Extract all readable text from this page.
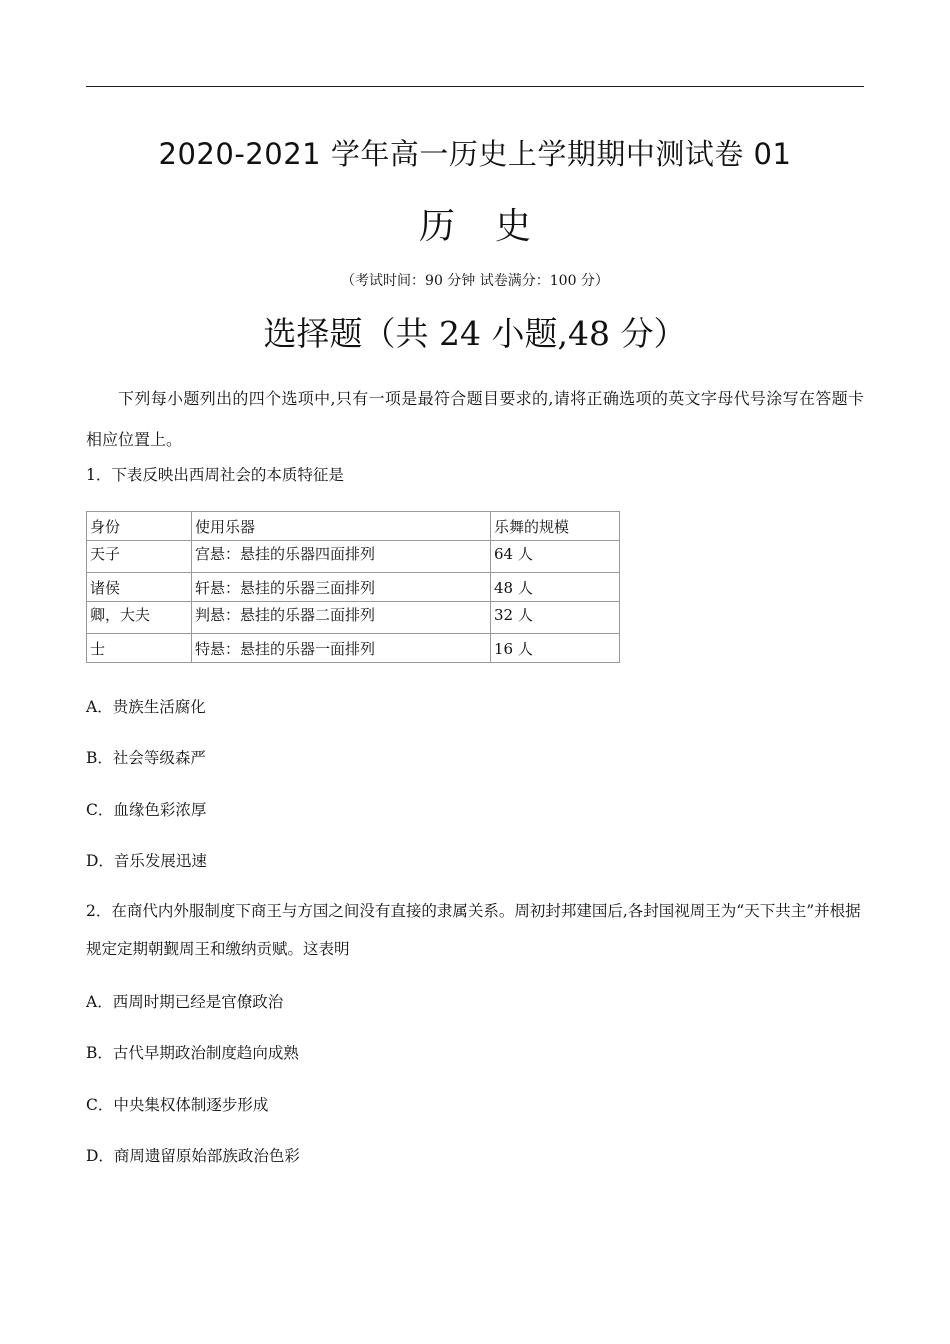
2020-2021 学年高一历史上学期期中测试卷 01
历 史
（考试时间：90 分钟 试卷满分：100 分）
选择题（共 24 小题,48 分）
下列每小题列出的四个选项中,只有一项是最符合题目要求的,请将正确选项的英文字母代号涂写在答题卡相应位置上。
1．下表反映出西周社会的本质特征是
身份	使用乐器	乐舞的规模
天子	宫悬：悬挂的乐器四面排列	64 人
诸侯	轩悬：悬挂的乐器三面排列	48 人
卿，大夫	判悬：悬挂的乐器二面排列	32 人
士	特悬：悬挂的乐器一面排列	16 人
A．贵族生活腐化
B．社会等级森严
C．血缘色彩浓厚
D．音乐发展迅速
2．在商代内外服制度下商王与方国之间没有直接的隶属关系。周初封邦建国后,各封国视周王为“天下共主”并根据规定定期朝觐周王和缴纳贡赋。这表明
A．西周时期已经是官僚政治
B．古代早期政治制度趋向成熟
C．中央集权体制逐步形成
D．商周遗留原始部族政治色彩
